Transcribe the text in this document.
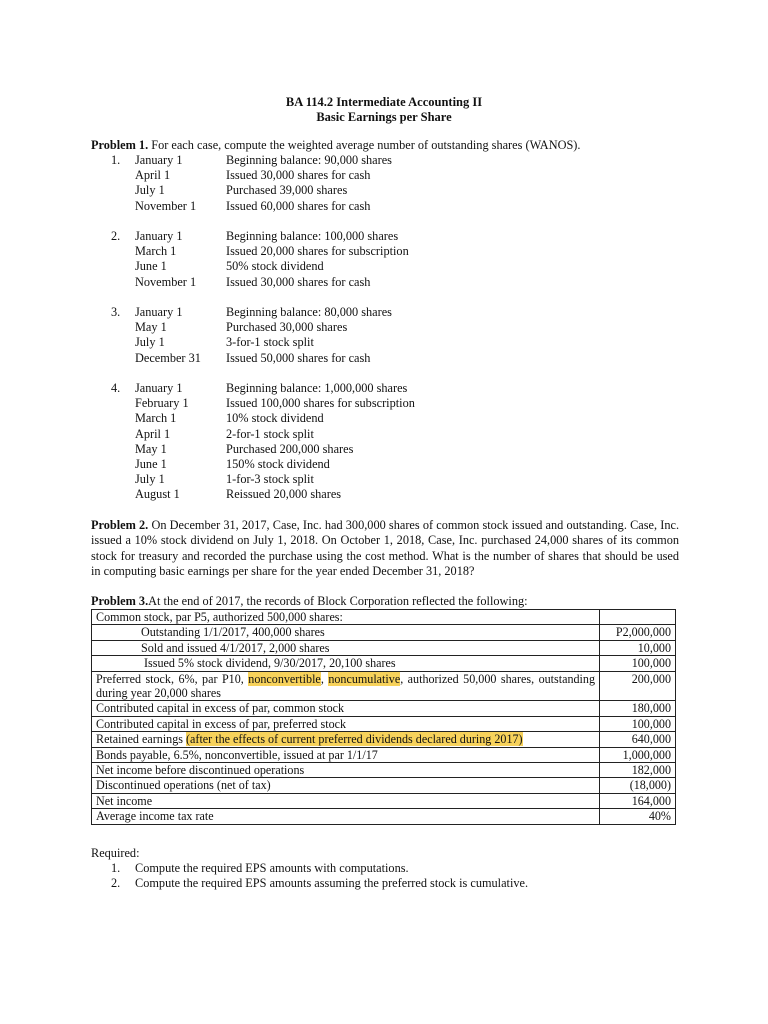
BA 114.2 Intermediate Accounting II
Basic Earnings per Share
Problem 1. For each case, compute the weighted average number of outstanding shares (WANOS).
1. January 1	Beginning balance: 90,000 shares
April 1	Issued 30,000 shares for cash
July 1	Purchased 39,000 shares
November 1 Issued 60,000 shares for cash
2. January 1	Beginning balance: 100,000 shares
March 1	Issued 20,000 shares for subscription
June 1	50% stock dividend
November 1 Issued 30,000 shares for cash
3. January 1	Beginning balance: 80,000 shares
May 1	Purchased 30,000 shares
July 1	3-for-1 stock split
December 31 Issued 50,000 shares for cash
4. January 1	Beginning balance: 1,000,000 shares
February 1	Issued 100,000 shares for subscription
March 1	10% stock dividend
April 1	2-for-1 stock split
May 1	Purchased 200,000 shares
June 1	150% stock dividend
July 1	1-for-3 stock split
August 1	Reissued 20,000 shares
Problem 2. On December 31, 2017, Case, Inc. had 300,000 shares of common stock issued and outstanding. Case, Inc. issued a 10% stock dividend on July 1, 2018. On October 1, 2018, Case, Inc. purchased 24,000 shares of its common stock for treasury and recorded the purchase using the cost method. What is the number of shares that should be used in computing basic earnings per share for the year ended December 31, 2018?
Problem 3.At the end of 2017, the records of Block Corporation reflected the following:
Common stock, par P5, authorized 500,000 shares:	
Outstanding 1/1/2017, 400,000 shares	P2,000,000
Sold and issued 4/1/2017, 2,000 shares	10,000
Issued 5% stock dividend, 9/30/2017, 20,100 shares	100,000
Preferred stock, 6%, par P10, nonconvertible, noncumulative, authorized 50,000 shares, outstanding during year 20,000 shares	200,000
Contributed capital in excess of par, common stock	180,000
Contributed capital in excess of par, preferred stock	100,000
Retained earnings (after the effects of current preferred dividends declared during 2017)	640,000
Bonds payable, 6.5%, nonconvertible, issued at par 1/1/17	1,000,000
Net income before discontinued operations	182,000
Discontinued operations (net of tax)	(18,000)
Net income	164,000
Average income tax rate	40%
Required:
1. Compute the required EPS amounts with computations.
2. Compute the required EPS amounts assuming the preferred stock is cumulative.
